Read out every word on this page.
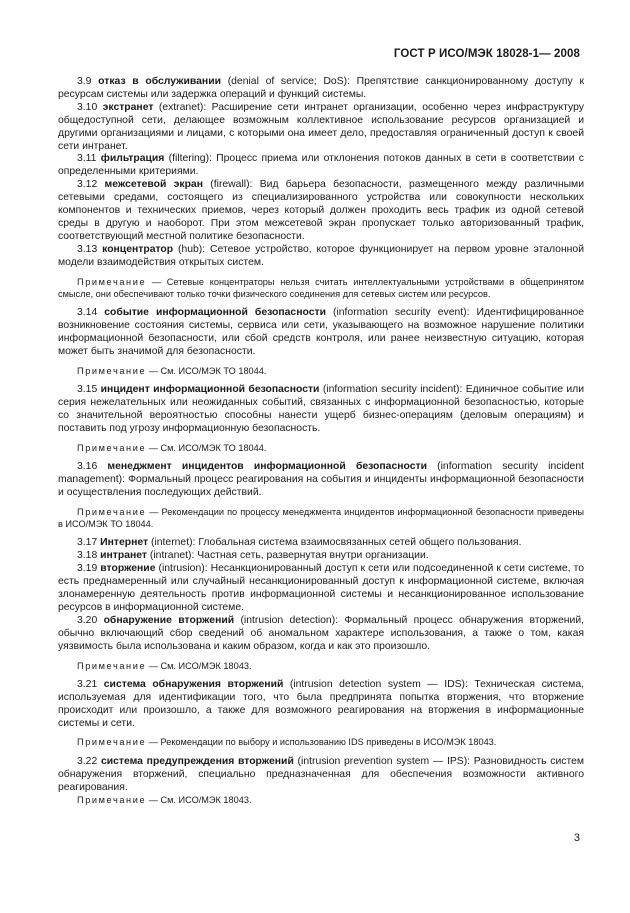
ГОСТ Р ИСО/МЭК 18028-1— 2008

3.9 отказ в обслуживании (denial of service; DoS): Препятствие санкционированному доступу к ресурсам системы или задержка операций и функций системы.

3.10 экстранет (extranet): Расширение сети интранет организации, особенно через инфраструктуру общедоступной сети, делающее возможным коллективное использование ресурсов организацией и другими организациями и лицами, с которыми она имеет дело, предоставляя ограниченный доступ к своей сети интранет.

3.11 фильтрация (filtering): Процесс приема или отклонения потоков данных в сети в соответствии с определенными критериями.

3.12 межсетевой экран (firewall): Вид барьера безопасности, размещенного между различными сетевыми средами, состоящего из специализированного устройства или совокупности нескольких компонентов и технических приемов, через который должен проходить весь трафик из одной сетевой среды в другую и наоборот. При этом межсетевой экран пропускает только авторизованный трафик, соответствующий местной политике безопасности.

3.13 концентратор (hub): Сетевое устройство, которое функционирует на первом уровне эталонной модели взаимодействия открытых систем.

Примечание — Сетевые концентраторы нельзя считать интеллектуальными устройствами в общепринятом смысле, они обеспечивают только точки физического соединения для сетевых систем или ресурсов.

3.14 событие информационной безопасности (information security event): Идентифицированное возникновение состояния системы, сервиса или сети, указывающего на возможное нарушение политики информационной безопасности, или сбой средств контроля, или ранее неизвестную ситуацию, которая может быть значимой для безопасности.

Примечание — См. ИСО/МЭК ТО 18044.

3.15 инцидент информационной безопасности (information security incident): Единичное событие или серия нежелательных или неожиданных событий, связанных с информационной безопасностью, которые со значительной вероятностью способны нанести ущерб бизнес-операциям (деловым операциям) и поставить под угрозу информационную безопасность.

Примечание — См. ИСО/МЭК ТО 18044.

3.16 менеджмент инцидентов информационной безопасности (information security incident management): Формальный процесс реагирования на события и инциденты информационной безопасности и осуществления последующих действий.

Примечание — Рекомендации по процессу менеджмента инцидентов информационной безопасности приведены в ИСО/МЭК ТО 18044.

3.17 Интернет (internet): Глобальная система взаимосвязанных сетей общего пользования.

3.18 интранет (intranet): Частная сеть, развернутая внутри организации.

3.19 вторжение (intrusion): Несанкционированный доступ к сети или подсоединенной к сети системе, то есть преднамеренный или случайный несанкционированный доступ к информационной системе, включая злонамеренную деятельность против информационной системы и несанкционированное использование ресурсов в информационной системе.

3.20 обнаружение вторжений (intrusion detection): Формальный процесс обнаружения вторжений, обычно включающий сбор сведений об аномальном характере использования, а также о том, какая уязвимость была использована и каким образом, когда и как это произошло.

Примечание — См. ИСО/МЭК 18043.

3.21 система обнаружения вторжений (intrusion detection system — IDS): Техническая система, используемая для идентификации того, что была предпринята попытка вторжения, что вторжение происходит или произошло, а также для возможного реагирования на вторжения в информационные системы и сети.

Примечание — Рекомендации по выбору и использованию IDS приведены в ИСО/МЭК 18043.

3.22 система предупреждения вторжений (intrusion prevention system — IPS): Разновидность систем обнаружения вторжений, специально предназначенная для обеспечения возможности активного реагирования.

Примечание — См. ИСО/МЭК 18043.

3
